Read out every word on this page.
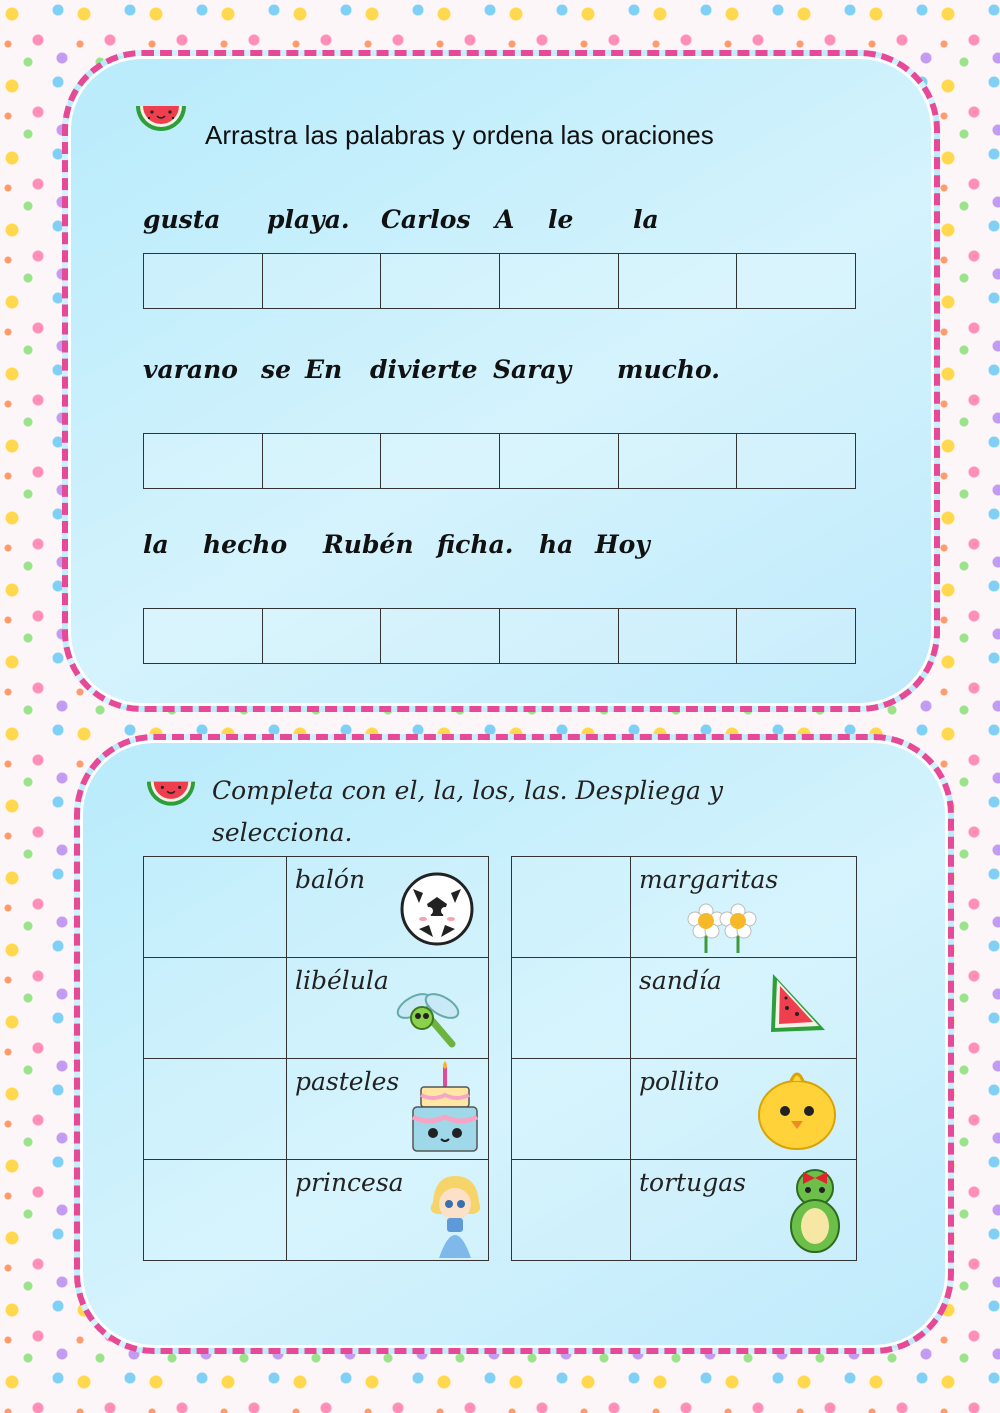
Arrastra las palabras y ordena las oraciones
gusta playa. Carlos A le la
varano se En divierte Saray mucho.
la hecho Rubén ficha. ha Hoy
Completa con el, la, los, las. Despliega y selecciona.

	balón

	libélula

	pasteles

	princesa

	margaritas

	sandía

	pollito

	tortugas
